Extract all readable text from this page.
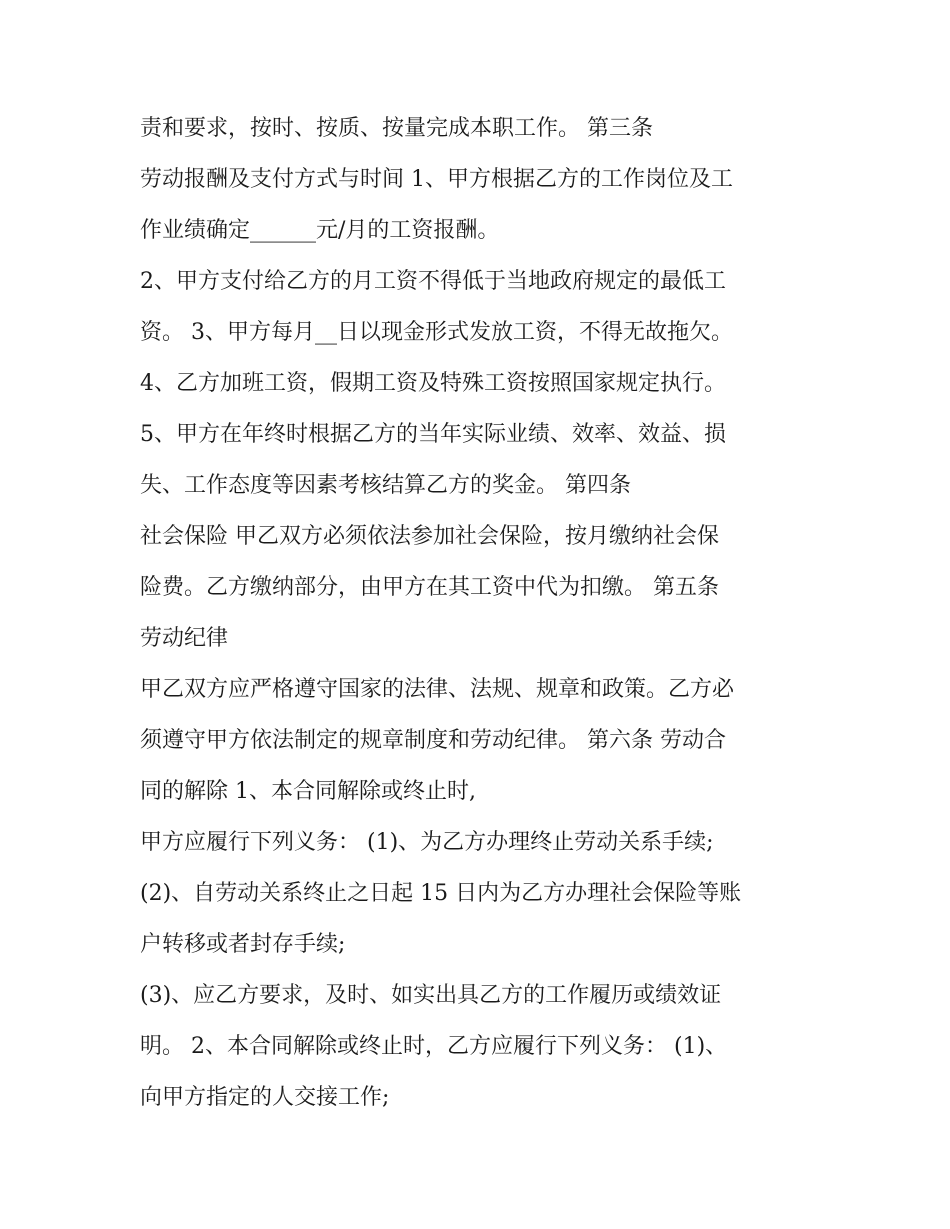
责和要求，按时、按质、按量完成本职工作。 第三条
劳动报酬及支付方式与时间 1、甲方根据乙方的工作岗位及工
作业绩确定______元/月的工资报酬。
2、甲方支付给乙方的月工资不得低于当地政府规定的最低工
资。 3、甲方每月__日以现金形式发放工资，不得无故拖欠。
4、乙方加班工资，假期工资及特殊工资按照国家规定执行。
5、甲方在年终时根据乙方的当年实际业绩、效率、效益、损
失、工作态度等因素考核结算乙方的奖金。 第四条
社会保险 甲乙双方必须依法参加社会保险，按月缴纳社会保
险费。乙方缴纳部分，由甲方在其工资中代为扣缴。 第五条
劳动纪律
甲乙双方应严格遵守国家的法律、法规、规章和政策。乙方必
须遵守甲方依法制定的规章制度和劳动纪律。 第六条 劳动合
同的解除 1、本合同解除或终止时,
甲方应履行下列义务： (1)、为乙方办理终止劳动关系手续;
(2)、自劳动关系终止之日起 15 日内为乙方办理社会保险等账
户转移或者封存手续;
(3)、应乙方要求，及时、如实出具乙方的工作履历或绩效证
明。 2、本合同解除或终止时，乙方应履行下列义务： (1)、
向甲方指定的人交接工作;
